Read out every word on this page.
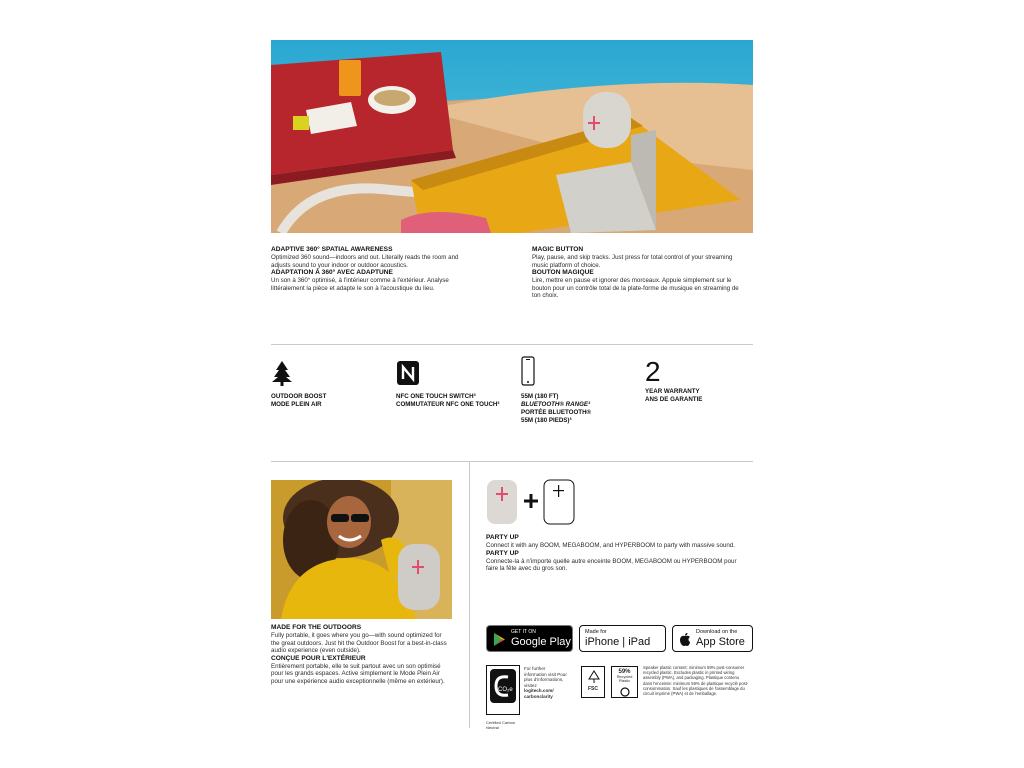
ADAPTIVE 360° SPATIAL AWARENESS
Optimized 360 sound—indoors and out. Literally reads the room and adjusts sound to your indoor or outdoor acoustics.
ADAPTATION À 360° AVEC ADAPTUNE
Un son à 360° optimisé, à l'intérieur comme à l'extérieur. Analyse littéralement la pièce et adapte le son à l'acoustique du lieu.
MAGIC BUTTON
Play, pause, and skip tracks. Just press for total control of your streaming music platform of choice.
BOUTON MAGIQUE
Lire, mettre en pause et ignorer des morceaux. Appuie simplement sur le bouton pour un contrôle total de la plate-forme de musique en streaming de ton choix.
OUTDOOR BOOST
MODE PLEIN AIR
NFC ONE TOUCH SWITCH³
COMMUTATEUR NFC ONE TOUCH³
55M (180 FT)
BLUETOOTH® RANGE³
PORTÉE BLUETOOTH®
55M (180 PIEDS)³
2
YEAR WARRANTY
ANS DE GARANTIE
MADE FOR THE OUTDOORS
Fully portable, it goes where you go—with sound optimized for the great outdoors. Just hit the Outdoor Boost for a best-in-class audio experience (even outside).
CONÇUE POUR L'EXTÉRIEUR
Entièrement portable, elle te suit partout avec un son optimisé pour les grands espaces. Active simplement le Mode Plein Air pour une expérience audio exceptionnelle (même en extérieur).
PARTY UP
Connect it with any BOOM, MEGABOOM, and HYPERBOOM to party with massive sound.
PARTY UP
Connecte-la à n'importe quelle autre enceinte BOOM, MEGABOOM ou HYPERBOOM pour faire la fête avec du gros son.
GET IT ON
Google Play
Made for
iPhone | iPad
Download on the
App Store
CO₂e
Certified Carbon Neutral
For further information visit Pour plus d'informations, visitez
logitech.com/ carbonclarity
FSC
59%
Recycled Plastic
Speaker plastic content: minimum 59% post-consumer recycled plastic. Excludes plastic in printed wiring assembly (PWA), and packaging. Plastique contenu dans l'enceinte: minimum 59% de plastique recyclé post-consommation. Sauf les plastiques de l'assemblage du circuit imprimé (PWA) et de l'emballage.
